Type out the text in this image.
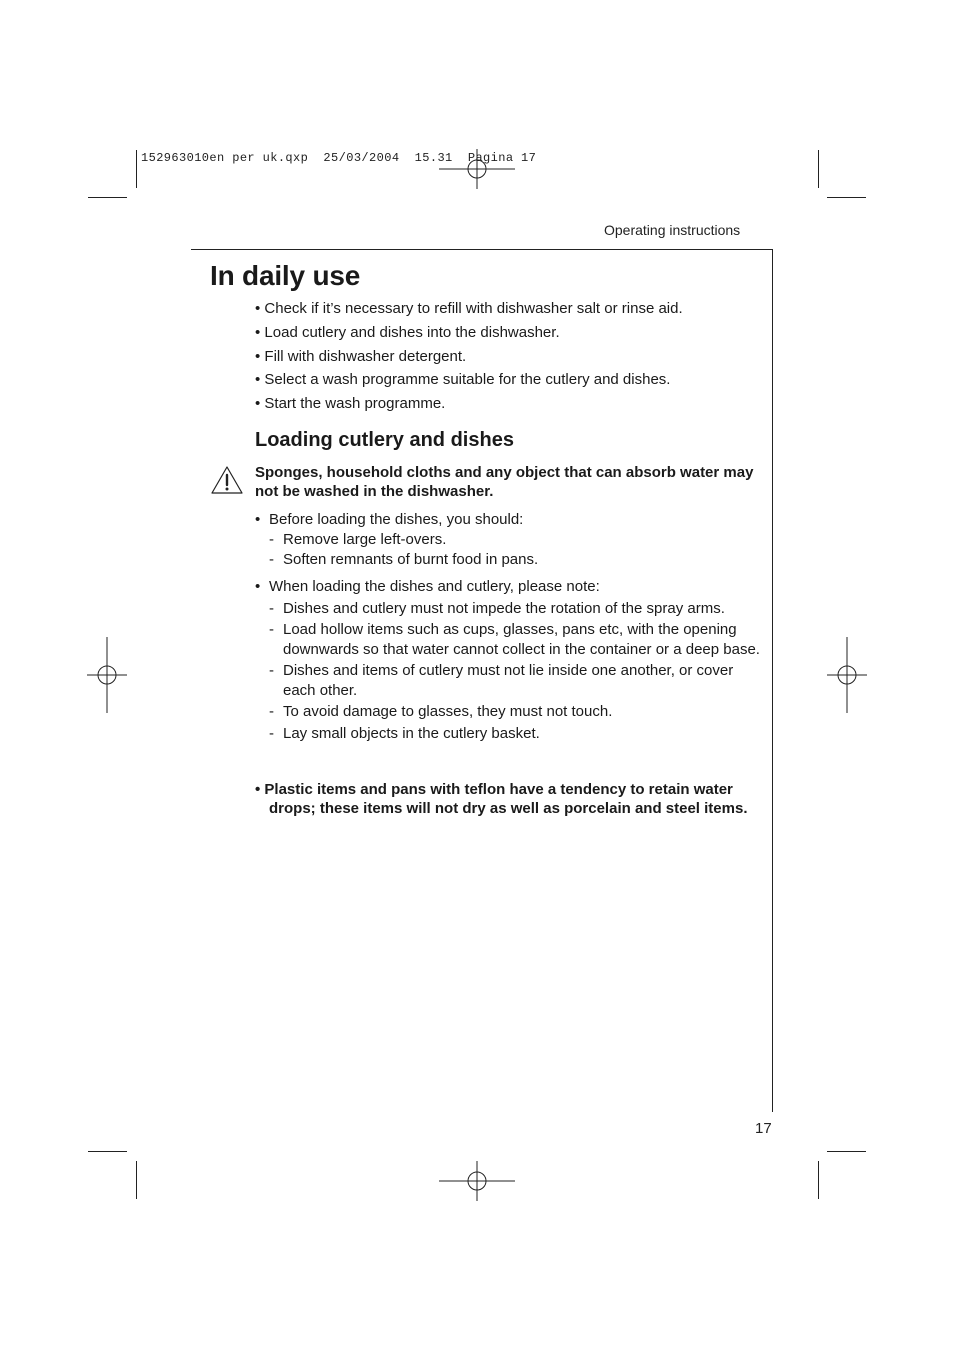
152963010en per uk.qxp  25/03/2004  15.31  Pagina 17
Operating instructions
In daily use
• Check if it’s necessary to refill with dishwasher salt or rinse aid.
• Load cutlery and dishes into the dishwasher.
• Fill with dishwasher detergent.
• Select a wash programme suitable for the cutlery and dishes.
• Start the wash programme.
Loading cutlery and dishes

Sponges, household cloths and any object that can absorb water may not be washed in the dishwasher.

• Before loading the dishes, you should:

- Remove large left-overs.
- Soften remnants of burnt food in pans.

• When loading the dishes and cutlery, please note:

- Dishes and cutlery must not impede the rotation of the spray arms.
- Load hollow items such as cups, glasses, pans etc, with the opening downwards so that water cannot collect in the container or a deep base.
- Dishes and items of cutlery must not lie inside one another, or cover each other.
- To avoid damage to glasses, they must not touch.
- Lay small objects in the cutlery basket.

• Plastic items and pans with teflon have a tendency to retain water drops; these items will not dry as well as porcelain and steel items.

17
